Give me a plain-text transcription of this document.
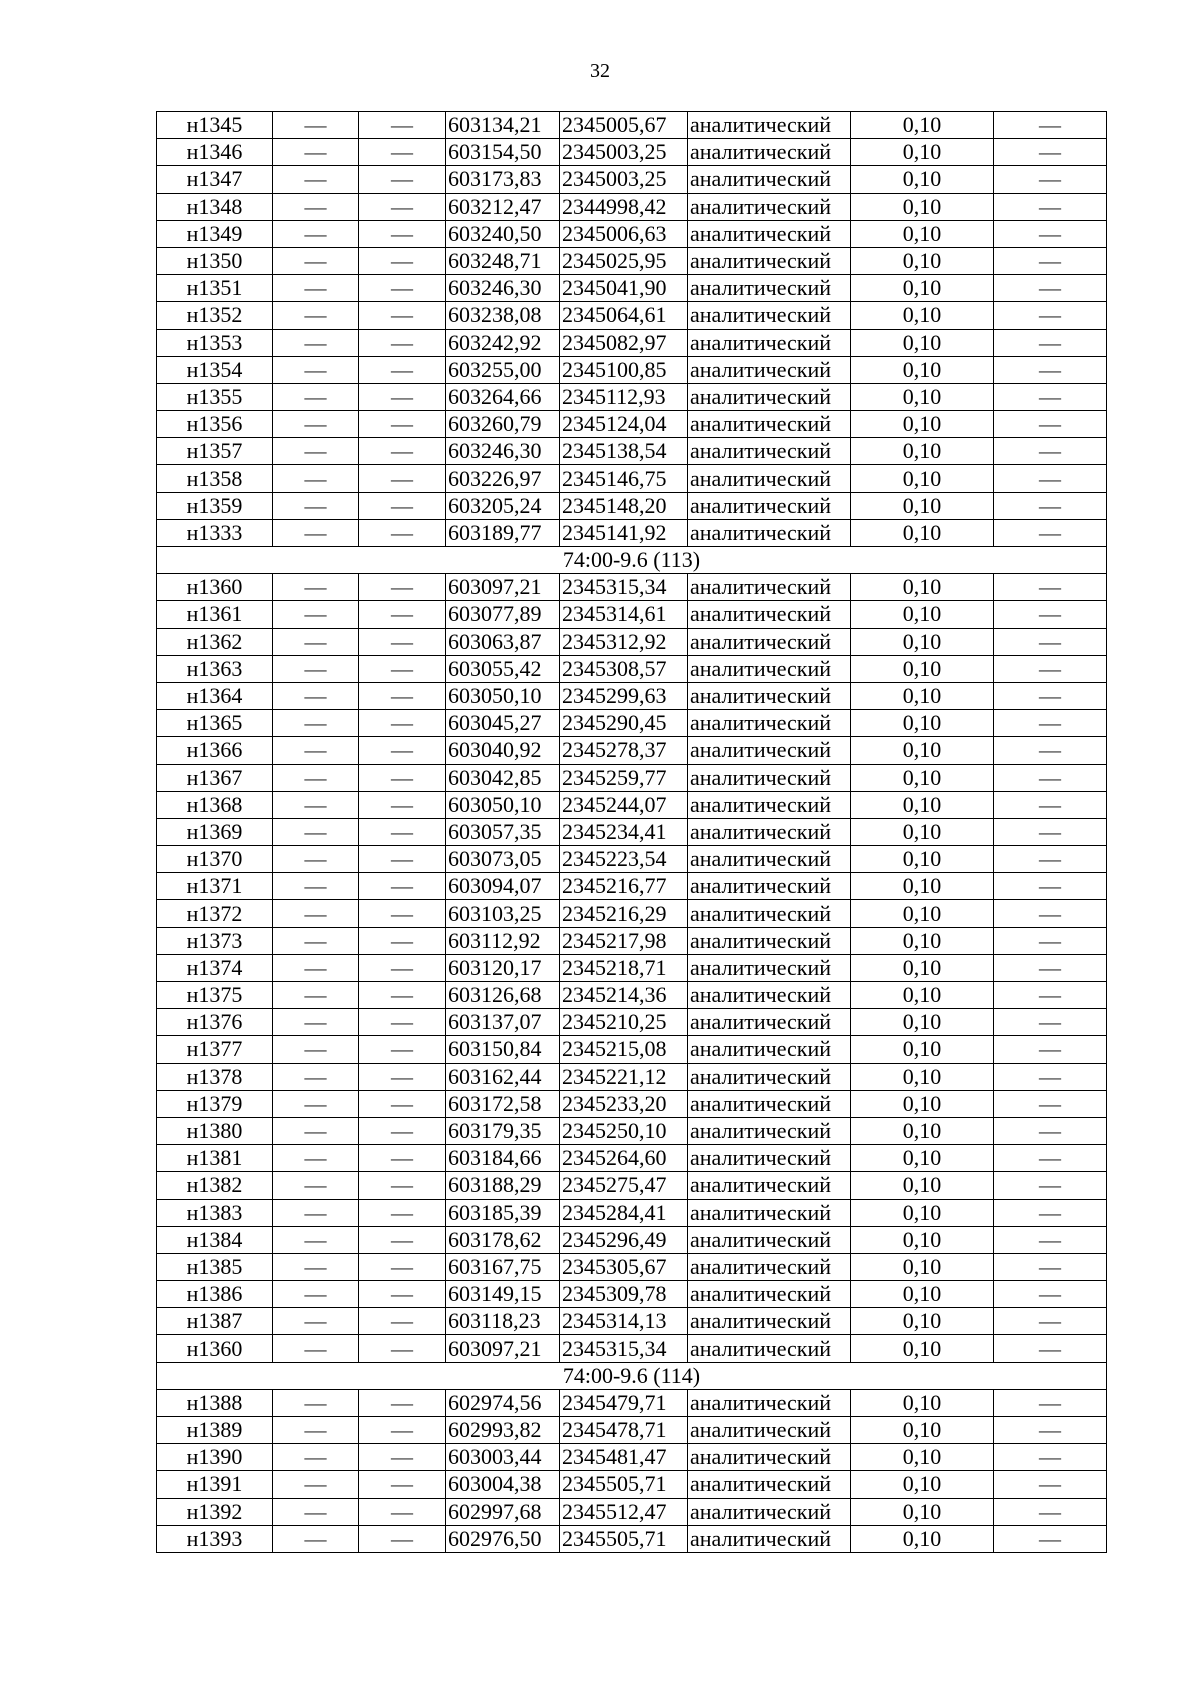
32
н1345	—	—	603134,21	2345005,67	аналитический	0,10	—
н1346	—	—	603154,50	2345003,25	аналитический	0,10	—
н1347	—	—	603173,83	2345003,25	аналитический	0,10	—
н1348	—	—	603212,47	2344998,42	аналитический	0,10	—
н1349	—	—	603240,50	2345006,63	аналитический	0,10	—
н1350	—	—	603248,71	2345025,95	аналитический	0,10	—
н1351	—	—	603246,30	2345041,90	аналитический	0,10	—
н1352	—	—	603238,08	2345064,61	аналитический	0,10	—
н1353	—	—	603242,92	2345082,97	аналитический	0,10	—
н1354	—	—	603255,00	2345100,85	аналитический	0,10	—
н1355	—	—	603264,66	2345112,93	аналитический	0,10	—
н1356	—	—	603260,79	2345124,04	аналитический	0,10	—
н1357	—	—	603246,30	2345138,54	аналитический	0,10	—
н1358	—	—	603226,97	2345146,75	аналитический	0,10	—
н1359	—	—	603205,24	2345148,20	аналитический	0,10	—
н1333	—	—	603189,77	2345141,92	аналитический	0,10	—
74:00-9.6 (113)							
н1360	—	—	603097,21	2345315,34	аналитический	0,10	—
н1361	—	—	603077,89	2345314,61	аналитический	0,10	—
н1362	—	—	603063,87	2345312,92	аналитический	0,10	—
н1363	—	—	603055,42	2345308,57	аналитический	0,10	—
н1364	—	—	603050,10	2345299,63	аналитический	0,10	—
н1365	—	—	603045,27	2345290,45	аналитический	0,10	—
н1366	—	—	603040,92	2345278,37	аналитический	0,10	—
н1367	—	—	603042,85	2345259,77	аналитический	0,10	—
н1368	—	—	603050,10	2345244,07	аналитический	0,10	—
н1369	—	—	603057,35	2345234,41	аналитический	0,10	—
н1370	—	—	603073,05	2345223,54	аналитический	0,10	—
н1371	—	—	603094,07	2345216,77	аналитический	0,10	—
н1372	—	—	603103,25	2345216,29	аналитический	0,10	—
н1373	—	—	603112,92	2345217,98	аналитический	0,10	—
н1374	—	—	603120,17	2345218,71	аналитический	0,10	—
н1375	—	—	603126,68	2345214,36	аналитический	0,10	—
н1376	—	—	603137,07	2345210,25	аналитический	0,10	—
н1377	—	—	603150,84	2345215,08	аналитический	0,10	—
н1378	—	—	603162,44	2345221,12	аналитический	0,10	—
н1379	—	—	603172,58	2345233,20	аналитический	0,10	—
н1380	—	—	603179,35	2345250,10	аналитический	0,10	—
н1381	—	—	603184,66	2345264,60	аналитический	0,10	—
н1382	—	—	603188,29	2345275,47	аналитический	0,10	—
н1383	—	—	603185,39	2345284,41	аналитический	0,10	—
н1384	—	—	603178,62	2345296,49	аналитический	0,10	—
н1385	—	—	603167,75	2345305,67	аналитический	0,10	—
н1386	—	—	603149,15	2345309,78	аналитический	0,10	—
н1387	—	—	603118,23	2345314,13	аналитический	0,10	—
н1360	—	—	603097,21	2345315,34	аналитический	0,10	—
74:00-9.6 (114)							
н1388	—	—	602974,56	2345479,71	аналитический	0,10	—
н1389	—	—	602993,82	2345478,71	аналитический	0,10	—
н1390	—	—	603003,44	2345481,47	аналитический	0,10	—
н1391	—	—	603004,38	2345505,71	аналитический	0,10	—
н1392	—	—	602997,68	2345512,47	аналитический	0,10	—
н1393	—	—	602976,50	2345505,71	аналитический	0,10	—
